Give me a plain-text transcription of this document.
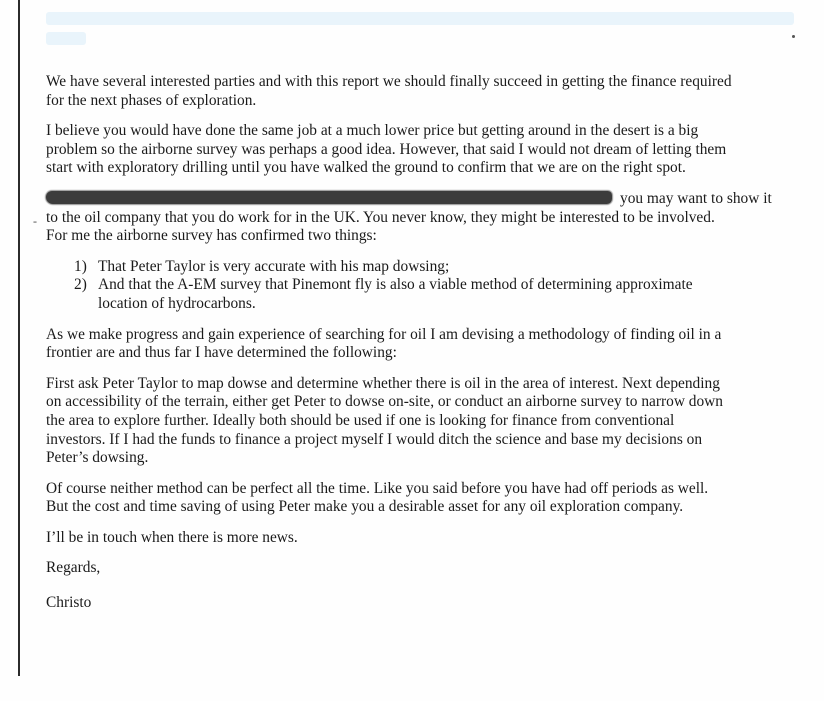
-

We have several interested parties and with this report we should finally succeed in getting the finance required
for the next phases of exploration.

I believe you would have done the same job at a much lower price but getting around in the desert is a big
problem so the airborne survey was perhaps a good idea. However, that said I would not dream of letting them
start with exploratory drilling until you have walked the ground to confirm that we are on the right spot.

you may want to show it
to the oil company that you do work for in the UK. You never know, they might be interested to be involved.
For me the airborne survey has confirmed two things:

1) That Peter Taylor is very accurate with his map dowsing;
2) And that the A-EM survey that Pinemont fly is also a viable method of determining approximate
location of hydrocarbons.

As we make progress and gain experience of searching for oil I am devising a methodology of finding oil in a
frontier are and thus far I have determined the following:

First ask Peter Taylor to map dowse and determine whether there is oil in the area of interest. Next depending
on accessibility of the terrain, either get Peter to dowse on-site, or conduct an airborne survey to narrow down
the area to explore further. Ideally both should be used if one is looking for finance from conventional
investors. If I had the funds to finance a project myself I would ditch the science and base my decisions on
Peter’s dowsing.

Of course neither method can be perfect all the time. Like you said before you have had off periods as well.
But the cost and time saving of using Peter make you a desirable asset for any oil exploration company.

I’ll be in touch when there is more news.

Regards,

Christo
